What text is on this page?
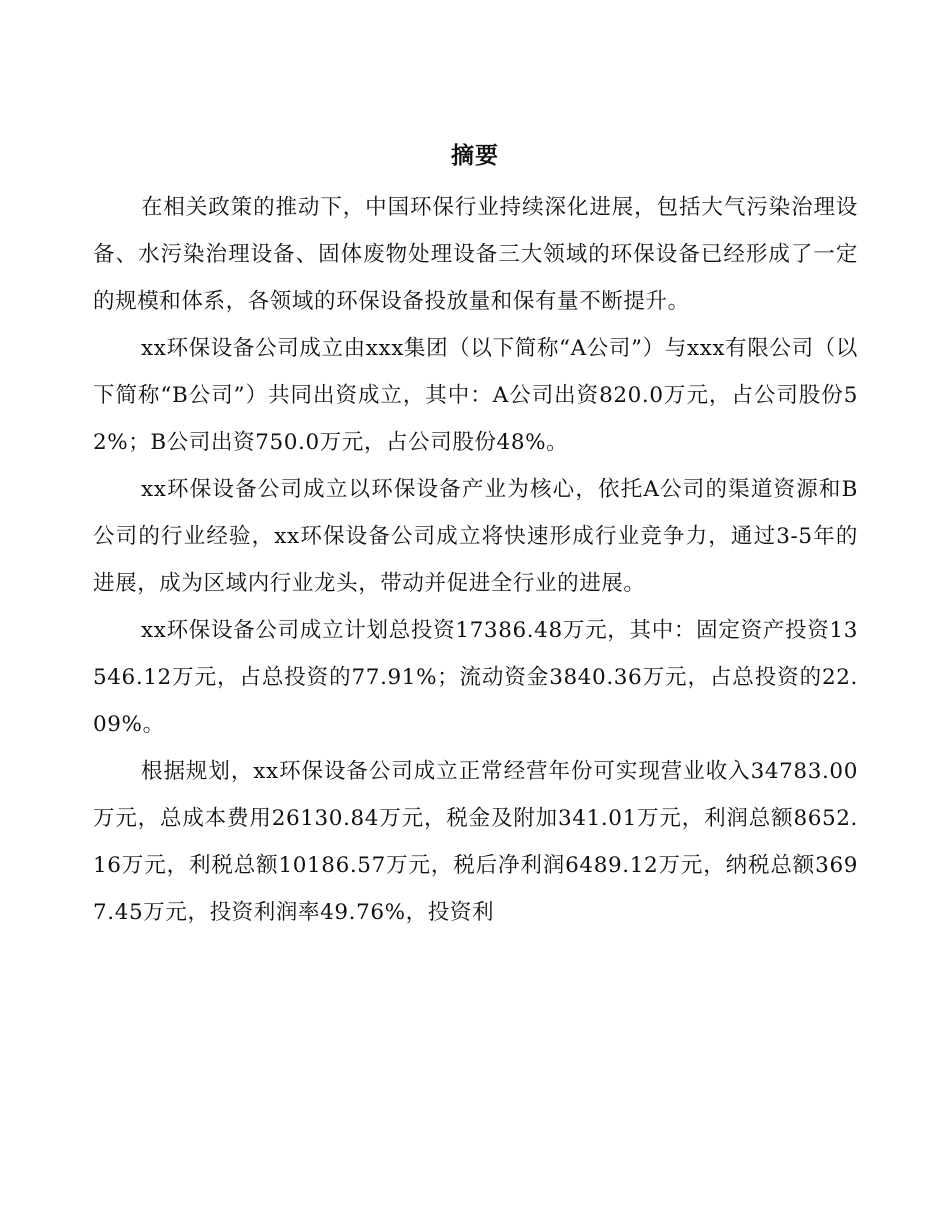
摘要

在相关政策的推动下，中国环保行业持续深化进展，包括大气污染治理设备、水污染治理设备、固体废物处理设备三大领域的环保设备已经形成了一定的规模和体系，各领域的环保设备投放量和保有量不断提升。

xx环保设备公司成立由xxx集团（以下简称“A公司”）与xxx有限公司（以下简称“B公司”）共同出资成立，其中：A公司出资820.0万元，占公司股份52%；B公司出资750.0万元，占公司股份48%。

xx环保设备公司成立以环保设备产业为核心，依托A公司的渠道资源和B公司的行业经验，xx环保设备公司成立将快速形成行业竞争力，通过3-5年的进展，成为区域内行业龙头，带动并促进全行业的进展。

xx环保设备公司成立计划总投资17386.48万元，其中：固定资产投资13546.12万元，占总投资的77.91%；流动资金3840.36万元，占总投资的22.09%。

根据规划，xx环保设备公司成立正常经营年份可实现营业收入34783.00万元，总成本费用26130.84万元，税金及附加341.01万元，利润总额8652.16万元，利税总额10186.57万元，税后净利润6489.12万元，纳税总额3697.45万元，投资利润率49.76%，投资利
